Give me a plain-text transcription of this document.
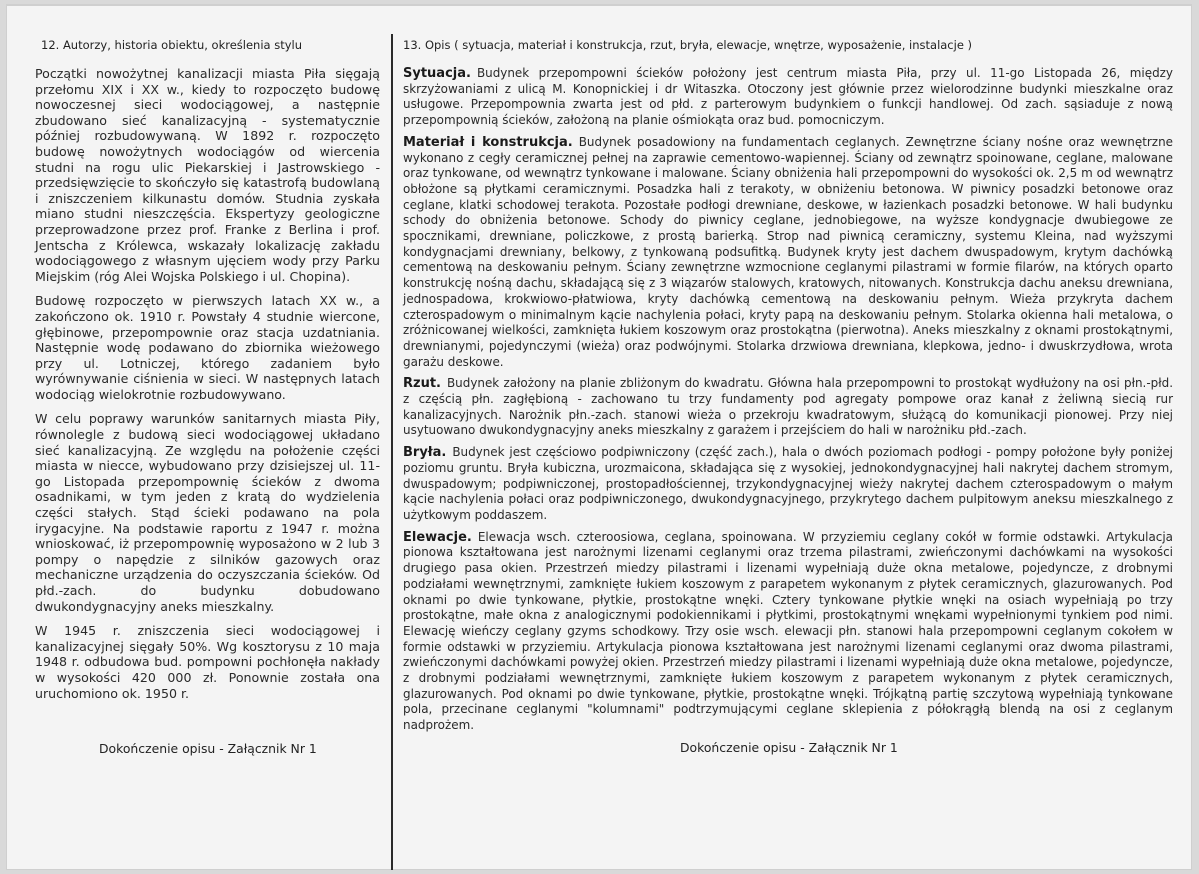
12. Autorzy, historia obiektu, określenia stylu

Początki nowożytnej kanalizacji miasta Piła sięgają przełomu XIX i XX w., kiedy to rozpoczęto budowę nowoczesnej sieci wodociągowej, a następnie zbudowano sieć kanalizacyjną - systematycznie później rozbudowywaną. W 1892 r. rozpoczęto budowę nowożytnych wodociągów od wiercenia studni na rogu ulic Piekarskiej i Jastrowskiego - przedsięwzięcie to skończyło się katastrofą budowlaną i zniszczeniem kilkunastu domów. Studnia zyskała miano studni nieszczęścia. Ekspertyzy geologiczne przeprowadzone przez prof. Franke z Berlina i prof. Jentscha z Królewca, wskazały lokalizację zakładu wodociągowego z własnym ujęciem wody przy Parku Miejskim (róg Alei Wojska Polskiego i ul. Chopina).

Budowę rozpoczęto w pierwszych latach XX w., a zakończono ok. 1910 r. Powstały 4 studnie wiercone, głębinowe, przepompownie oraz stacja uzdatniania. Następnie wodę podawano do zbiornika wieżowego przy ul. Lotniczej, którego zadaniem było wyrównywanie ciśnienia w sieci. W następnych latach wodociąg wielokrotnie rozbudowywano.

W celu poprawy warunków sanitarnych miasta Piły, równolegle z budową sieci wodociągowej układano sieć kanalizacyjną. Ze względu na położenie części miasta w niecce, wybudowano przy dzisiejszej ul. 11-go Listopada przepompownię ścieków z dwoma osadnikami, w tym jeden z kratą do wydzielenia części stałych. Stąd ścieki podawano na pola irygacyjne. Na podstawie raportu z 1947 r. można wnioskować, iż przepompownię wyposażono w 2 lub 3 pompy o napędzie z silników gazowych oraz mechaniczne urządzenia do oczyszczania ścieków. Od płd.-zach. do budynku dobudowano dwukondygnacyjny aneks mieszkalny.

W 1945 r. zniszczenia sieci wodociągowej i kanalizacyjnej sięgały 50%. Wg kosztorysu z 10 maja 1948 r. odbudowa bud. pompowni pochłonęła nakłady w wysokości 420 000 zł. Ponownie została ona uruchomiono ok. 1950 r.

Dokończenie opisu - Załącznik Nr 1
13. Opis ( sytuacja, materiał i konstrukcja, rzut, bryła, elewacje, wnętrze, wyposażenie, instalacje )

Sytuacja. Budynek przepompowni ścieków położony jest centrum miasta Piła, przy ul. 11-go Listopada 26, między skrzyżowaniami z ulicą M. Konopnickiej i dr Witaszka. Otoczony jest głównie przez wielorodzinne budynki mieszkalne oraz usługowe. Przepompownia zwarta jest od płd. z parterowym budynkiem o funkcji handlowej. Od zach. sąsiaduje z nową przepompownią ścieków, założoną na planie ośmiokąta oraz bud. pomocniczym.

Materiał i konstrukcja. Budynek posadowiony na fundamentach ceglanych. Zewnętrzne ściany nośne oraz wewnętrzne wykonano z cegły ceramicznej pełnej na zaprawie cementowo-wapiennej. Ściany od zewnątrz spoinowane, ceglane, malowane oraz tynkowane, od wewnątrz tynkowane i malowane. Ściany obniżenia hali przepompowni do wysokości ok. 2,5 m od wewnątrz obłożone są płytkami ceramicznymi. Posadzka hali z terakoty, w obniżeniu betonowa. W piwnicy posadzki betonowe oraz ceglane, klatki schodowej terakota. Pozostałe podłogi drewniane, deskowe, w łazienkach posadzki betonowe. W hali budynku schody do obniżenia betonowe. Schody do piwnicy ceglane, jednobiegowe, na wyższe kondygnacje dwubiegowe ze spocznikami, drewniane, policzkowe, z prostą barierką. Strop nad piwnicą ceramiczny, systemu Kleina, nad wyższymi kondygnacjami drewniany, belkowy, z tynkowaną podsufitką. Budynek kryty jest dachem dwuspadowym, krytym dachówką cementową na deskowaniu pełnym. Ściany zewnętrzne wzmocnione ceglanymi pilastrami w formie filarów, na których oparto konstrukcję nośną dachu, składającą się z 3 wiązarów stalowych, kratowych, nitowanych. Konstrukcja dachu aneksu drewniana, jednospadowa, krokwiowo-płatwiowa, kryty dachówką cementową na deskowaniu pełnym. Wieża przykryta dachem czterospadowym o minimalnym kącie nachylenia połaci, kryty papą na deskowaniu pełnym. Stolarka okienna hali metalowa, o zróżnicowanej wielkości, zamknięta łukiem koszowym oraz prostokątna (pierwotna). Aneks mieszkalny z oknami prostokątnymi, drewnianymi, pojedynczymi (wieża) oraz podwójnymi. Stolarka drzwiowa drewniana, klepkowa, jedno- i dwuskrzydłowa, wrota garażu deskowe.

Rzut. Budynek założony na planie zbliżonym do kwadratu. Główna hala przepompowni to prostokąt wydłużony na osi płn.-płd. z częścią płn. zagłębioną - zachowano tu trzy fundamenty pod agregaty pompowe oraz kanał z żeliwną siecią rur kanalizacyjnych. Narożnik płn.-zach. stanowi wieża o przekroju kwadratowym, służącą do komunikacji pionowej. Przy niej usytuowano dwukondygnacyjny aneks mieszkalny z garażem i przejściem do hali w narożniku płd.-zach.

Bryła. Budynek jest częściowo podpiwniczony (część zach.), hala o dwóch poziomach podłogi - pompy położone były poniżej poziomu gruntu. Bryła kubiczna, urozmaicona, składająca się z wysokiej, jednokondygnacyjnej hali nakrytej dachem stromym, dwuspadowym; podpiwniczonej, prostopadłościennej, trzykondygnacyjnej wieży nakrytej dachem czterospadowym o małym kącie nachylenia połaci oraz podpiwniczonego, dwukondygnacyjnego, przykrytego dachem pulpitowym aneksu mieszkalnego z użytkowym poddaszem.

Elewacje. Elewacja wsch. czteroosiowa, ceglana, spoinowana. W przyziemiu ceglany cokół w formie odstawki. Artykulacja pionowa kształtowana jest narożnymi lizenami ceglanymi oraz trzema pilastrami, zwieńczonymi dachówkami na wysokości drugiego pasa okien. Przestrzeń miedzy pilastrami i lizenami wypełniają duże okna metalowe, pojedyncze, z drobnymi podziałami wewnętrznymi, zamknięte łukiem koszowym z parapetem wykonanym z płytek ceramicznych, glazurowanych. Pod oknami po dwie tynkowane, płytkie, prostokątne wnęki. Cztery tynkowane płytkie wnęki na osiach wypełniają po trzy prostokątne, małe okna z analogicznymi podokiennikami i płytkimi, prostokątnymi wnękami wypełnionymi tynkiem pod nimi. Elewację wieńczy ceglany gzyms schodkowy. Trzy osie wsch. elewacji płn. stanowi hala przepompowni ceglanym cokołem w formie odstawki w przyziemiu. Artykulacja pionowa kształtowana jest narożnymi lizenami ceglanymi oraz dwoma pilastrami, zwieńczonymi dachówkami powyżej okien. Przestrzeń miedzy pilastrami i lizenami wypełniają duże okna metalowe, pojedyncze, z drobnymi podziałami wewnętrznymi, zamknięte łukiem koszowym z parapetem wykonanym z płytek ceramicznych, glazurowanych. Pod oknami po dwie tynkowane, płytkie, prostokątne wnęki. Trójkątną partię szczytową wypełniają tynkowane pola, przecinane ceglanymi "kolumnami" podtrzymującymi ceglane sklepienia z półokrągłą blendą na osi z ceglanym nadprożem.

Dokończenie opisu - Załącznik Nr 1
